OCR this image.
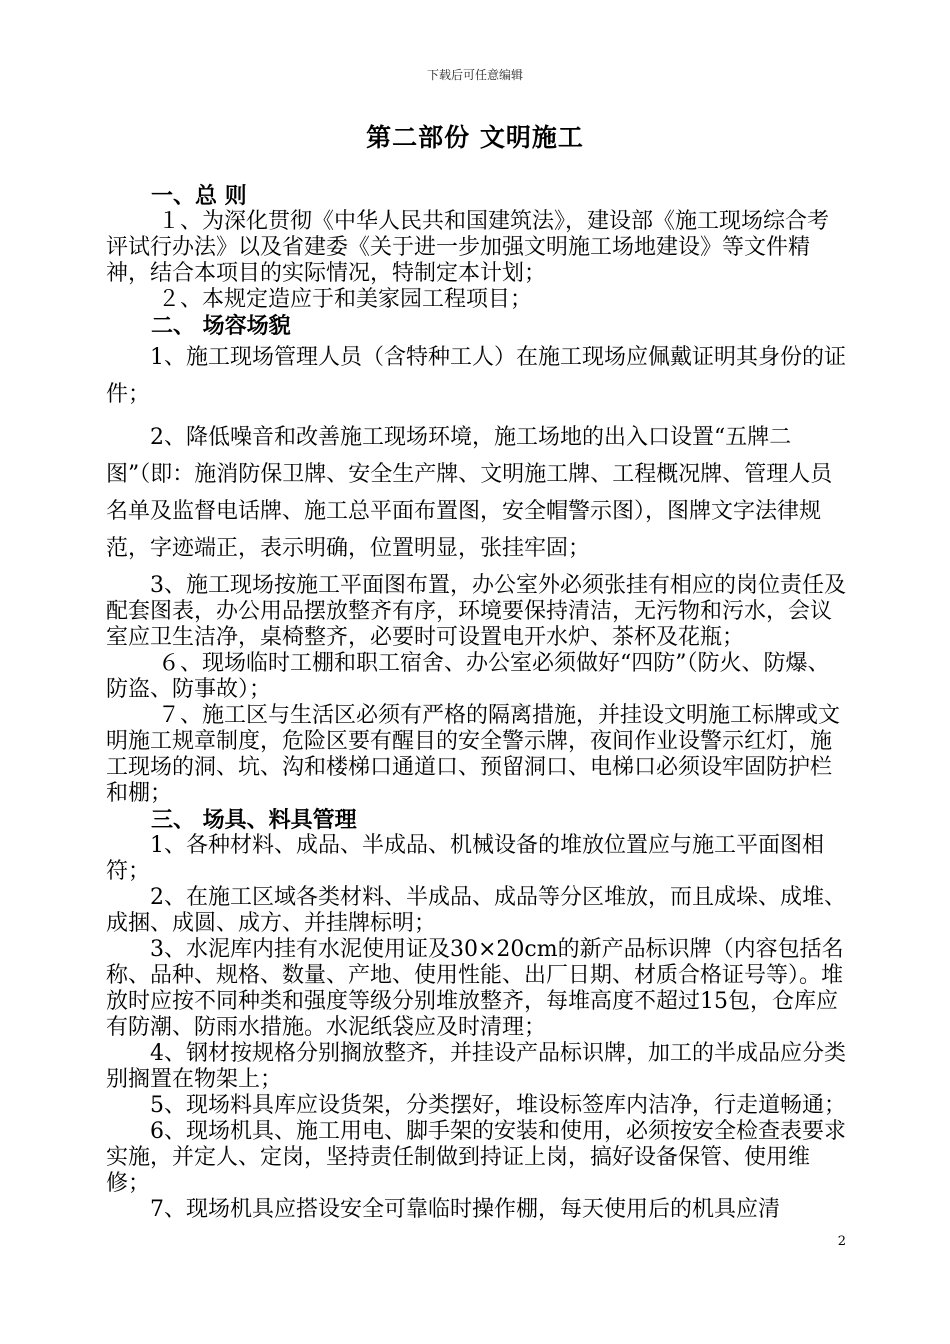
下载后可任意编辑
第二部份 文明施工

一、总 则

１、为深化贯彻《中华人民共和国建筑法》，建设部《施工现场综合考评试行办法》以及省建委《关于进一步加强文明施工场地建设》等文件精神，结合本项目的实际情况，特制定本计划；

２、本规定造应于和美家园工程项目；

二、 场容场貌

1、施工现场管理人员（含特种工人）在施工现场应佩戴证明其身份的证件；

2、降低噪音和改善施工现场环境，施工场地的出入口设置“五牌二图”（即：施消防保卫牌、安全生产牌、文明施工牌、工程概况牌、管理人员名单及监督电话牌、施工总平面布置图，安全帽警示图），图牌文字法律规范，字迹端正，表示明确，位置明显，张挂牢固；

3、施工现场按施工平面图布置，办公室外必须张挂有相应的岗位责任及配套图表，办公用品摆放整齐有序，环境要保持清洁，无污物和污水，会议室应卫生洁净，桌椅整齐，必要时可设置电开水炉、茶杯及花瓶；

６、现场临时工棚和职工宿舍、办公室必须做好“四防”（防火、防爆、防盗、防事故）；

７、施工区与生活区必须有严格的隔离措施，并挂设文明施工标牌或文明施工规章制度，危险区要有醒目的安全警示牌，夜间作业设警示红灯，施工现场的洞、坑、沟和楼梯口通道口、预留洞口、电梯口必须设牢固防护栏和棚；

三、 场具、料具管理

1、各种材料、成品、半成品、机械设备的堆放位置应与施工平面图相符；

2、在施工区域各类材料、半成品、成品等分区堆放，而且成垛、成堆、成捆、成圆、成方、并挂牌标明；

3、水泥库内挂有水泥使用证及30×20cm的新产品标识牌（内容包括名称、品种、规格、数量、产地、使用性能、出厂日期、材质合格证号等）。堆放时应按不同种类和强度等级分别堆放整齐，每堆高度不超过15包，仓库应有防潮、防雨水措施。水泥纸袋应及时清理；

4、钢材按规格分别搁放整齐，并挂设产品标识牌，加工的半成品应分类别搁置在物架上；

5、现场料具库应设货架，分类摆好，堆设标签库内洁净，行走道畅通；

6、现场机具、施工用电、脚手架的安装和使用，必须按安全检查表要求实施，并定人、定岗，坚持责任制做到持证上岗，搞好设备保管、使用维修；

7、现场机具应搭设安全可靠临时操作棚，每天使用后的机具应清

2
